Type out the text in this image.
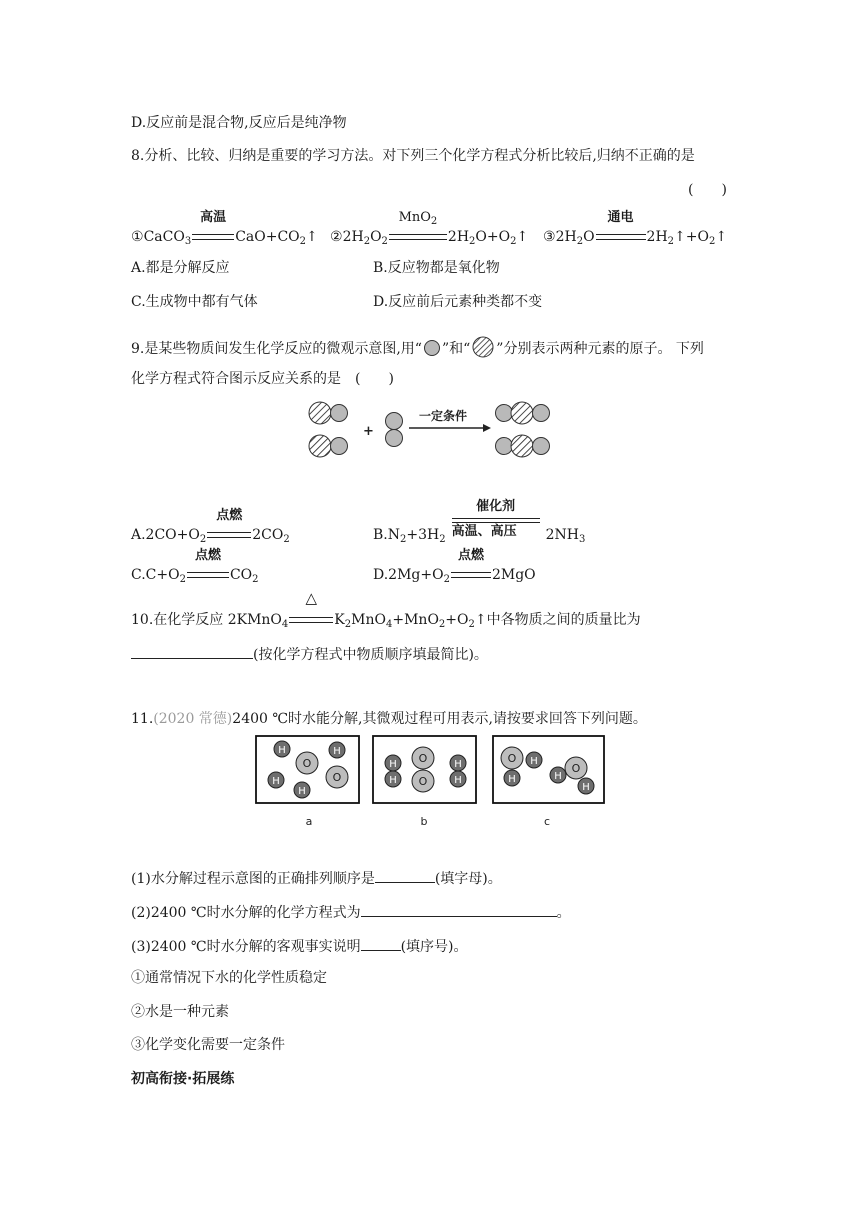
D.反应前是混合物,反应后是纯净物
8.分析、比较、归纳是重要的学习方法。对下列三个化学方程式分析比较后,归纳不正确的是
(　　)
①CaCO$_3$
高温
$CaO+CO_2↑$ $②2H_2O_2$
MnO$_2$
$2H_2O+O_2↑$ $③2H_2O$
通电
$2H_2↑+O_2↑$
A.都是分解反应	B.反应物都是氧化物
C.生成物中都有气体	D.反应前后元素种类都不变
9.是某些物质间发生化学反应的微观示意图,用“ ”和“ ”分别表示两种元素的原子。 下列
化学方程式符合图示反应关系的是　(　　)
+
一定条件
$A.2CO+O_2$
点燃
$2CO_2$	$B.N_2+3H_2$
催化剂
高温、高压 $2NH_3$
$C.C+O_2$
点燃
$CO_2$	$D.2Mg+O_2$
点燃
2MgO
10.在化学反应 2KMnO$_4$
△
$K_2MnO_4+MnO_2+O_2↑$中各物质之间的质量比为
(按化学方程式中物质顺序填最简比)。
11.(2020 常德)2400 ℃时水能分解,其微观过程可用表示,请按要求回答下列问题。
H
O
H
H
H
O
a
H
H
O
O
H
H
b
O H
H	H
O
H
c
(1)水分解过程示意图的正确排列顺序是	(填字母)。
(2)2400 ℃时水分解的化学方程式为	。
(3)2400 ℃时水分解的客观事实说明	(填序号)。
①通常情况下水的化学性质稳定
②水是一种元素
③化学变化需要一定条件
初高衔接·拓展练
